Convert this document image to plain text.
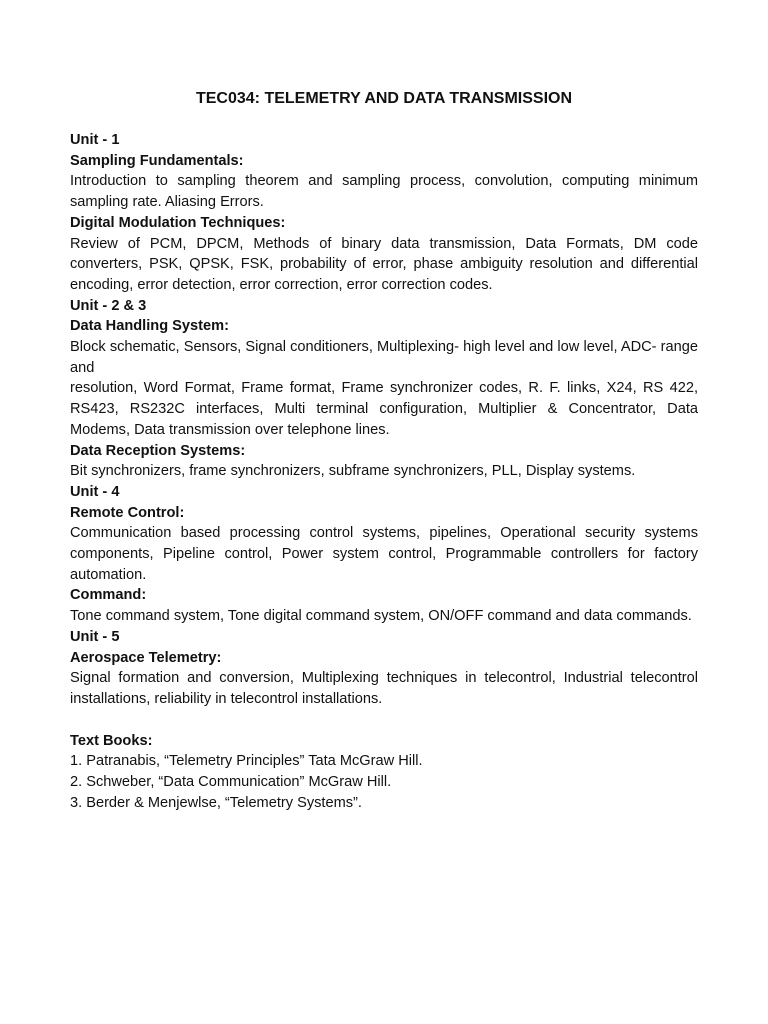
TEC034: TELEMETRY AND DATA TRANSMISSION

Unit - 1

Sampling Fundamentals:

Introduction to sampling theorem and sampling process, convolution, computing minimum sampling rate. Aliasing Errors.

Digital Modulation Techniques:

Review of PCM, DPCM, Methods of binary data transmission, Data Formats, DM code converters, PSK, QPSK, FSK, probability of error, phase ambiguity resolution and differential encoding, error detection, error correction, error correction codes.

Unit - 2 & 3

Data Handling System:

Block schematic, Sensors, Signal conditioners, Multiplexing- high level and low level, ADC- range and

resolution, Word Format, Frame format, Frame synchronizer codes, R. F. links, X24, RS 422, RS423, RS232C interfaces, Multi terminal configuration, Multiplier & Concentrator, Data Modems, Data transmission over telephone lines.

Data Reception Systems:

Bit synchronizers, frame synchronizers, subframe synchronizers, PLL, Display systems.

Unit - 4

Remote Control:

Communication based processing control systems, pipelines, Operational security systems components, Pipeline control, Power system control, Programmable controllers for factory automation.

Command:

Tone command system, Tone digital command system, ON/OFF command and data commands.

Unit - 5

Aerospace Telemetry:

Signal formation and conversion, Multiplexing techniques in telecontrol, Industrial telecontrol installations, reliability in telecontrol installations.

Text Books:

1. Patranabis, “Telemetry Principles” Tata McGraw Hill.

2. Schweber, “Data Communication” McGraw Hill.

3. Berder & Menjewlse, “Telemetry Systems”.
